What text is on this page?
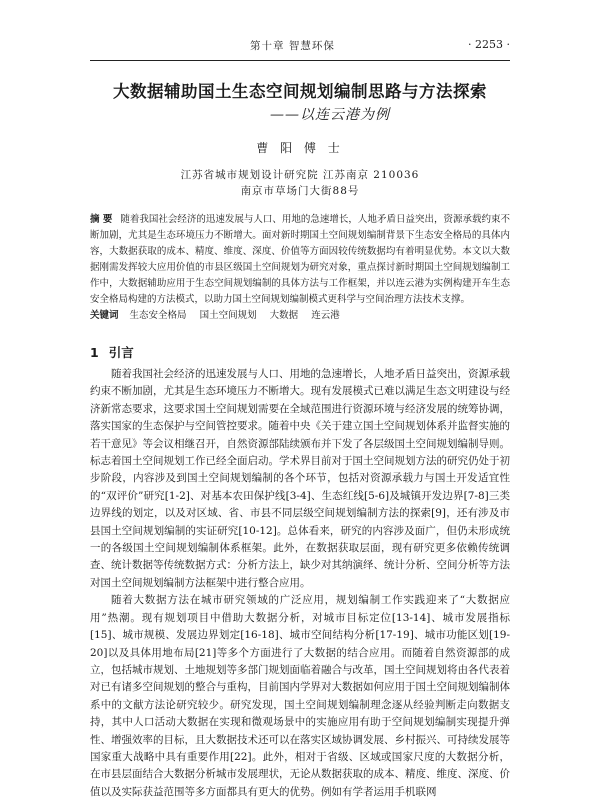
第十章 智慧环保	· 2253 ·
大数据辅助国土生态空间规划编制思路与方法探索
——以连云港为例
曹 阳 傅 士
江苏省城市规划设计研究院 江苏南京 210036
南京市草场门大街88号

摘 要 随着我国社会经济的迅速发展与人口、用地的急速增长，人地矛盾日益突出，资源承载约束不断加剧，尤其是生态环境压力不断增大。面对新时期国土空间规划编制背景下生态安全格局的具体内容，大数据获取的成本、精度、维度、深度、价值等方面因较传统数据均有着明显优势。本文以大数据刚需发挥较大应用价值的市县区级国土空间规划为研究对象，重点探讨新时期国土空间规划编制工作中，大数据辅助应用于生态空间规划编制的具体方法与工作框架，并以连云港为实例构建开车生态安全格局构建的方法模式，以助力国土空间规划编制模式更科学与空间治理方法技术支撑。

关键词 生态安全格局 国土空间规划 大数据 连云港

1 引言

随着我国社会经济的迅速发展与人口、用地的急速增长，人地矛盾日益突出，资源承载约束不断加剧，尤其是生态环境压力不断增大。现有发展模式已难以满足生态文明建设与经济新常态要求，这要求国土空间规划需要在全域范围进行资源环境与经济发展的统筹协调，落实国家的生态保护与空间管控要求。随着中央《关于建立国土空间规划体系并监督实施的若干意见》等会议相继召开，自然资源部陆续颁布并下发了各层级国土空间规划编制导则。标志着国土空间规划工作已经全面启动。学术界目前对于国土空间规划方法的研究仍处于初步阶段，内容涉及到国土空间规划编制的各个环节，包括对资源承载力与国土开发适宜性的“双评价”研究[1-2]、对基本农田保护线[3-4]、生态红线[5-6]及城镇开发边界[7-8]三类边界线的划定，以及对区域、省、市县不同层级空间规划编制方法的探索[9]，还有涉及市县国土空间规划编制的实证研究[10-12]。总体看来，研究的内容涉及面广，但仍未形成统一的各级国土空间规划编制体系框架。此外，在数据获取层面，现有研究更多依赖传统调查、统计数据等传统数据方式：分析方法上，缺少对其纳演绎、统计分析、空间分析等方法对国土空间规划编制方法框架中进行整合应用。

随着大数据方法在城市研究领域的广泛应用，规划编制工作实践迎来了“大数据应用”热潮。现有规划项目中借助大数据分析，对城市目标定位[13-14]、城市发展指标[15]、城市规模、发展边界划定[16-18]、城市空间结构分析[17-19]、城市功能区划[19-20]以及具体用地布局[21]等多个方面进行了大数据的结合应用。而随着自然资源部的成立，包括城市规划、土地规划等多部门规划面临着融合与改革，国土空间规划将由各代表着对已有诸多空间规划的整合与重构，目前国内学界对大数据如何应用于国土空间规划编制体系中的文献方法论研究较少。研究发现，国土空间规划编制理念逐从经验判断走向数据支持，其中人口活动大数据在实现和微观场景中的实施应用有助于空间规划编制实现提升弹性、增强效率的目标，且大数据技术还可以在落实区域协调发展、乡村振兴、可持续发展等国家重大战略中具有重要作用[22]。此外，相对于省级、区域或国家尺度的大数据分析，在市县层面结合大数据分析城市发展理状，无论从数据获取的成本、精度、维度、深度、价值以及实际获益范围等多方面都具有更大的优势。例如有学者运用手机联网
